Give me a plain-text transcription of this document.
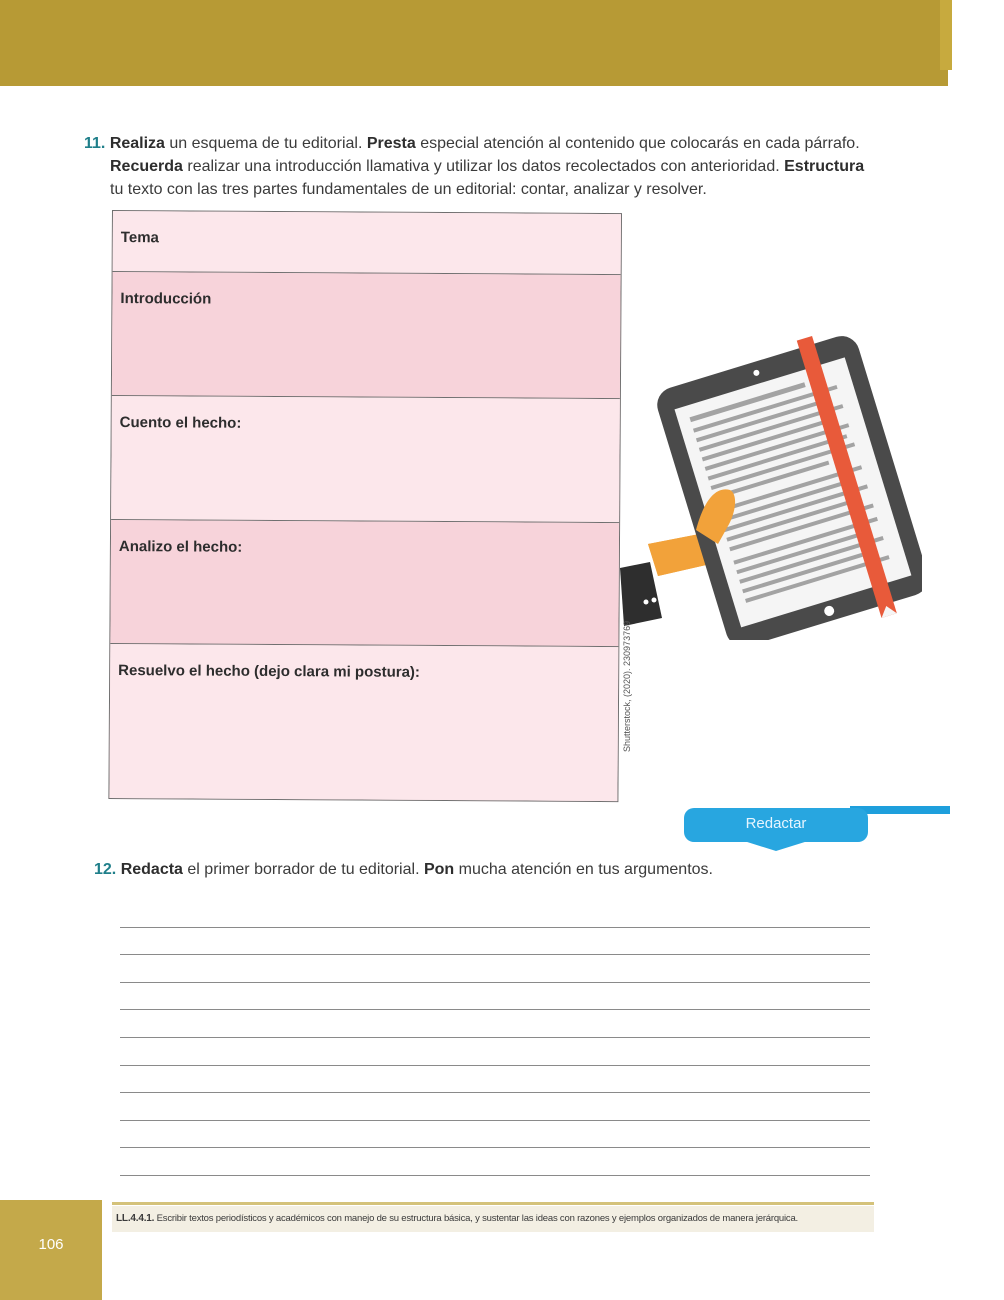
11. Realiza un esquema de tu editorial. Presta especial atención al contenido que colocarás en cada párrafo.
Recuerda realizar una introducción llamativa y utilizar los datos recolectados con anterioridad. Estructura
tu texto con las tres partes fundamentales de un editorial: contar, analizar y resolver.
Tema
Introducción
Cuento el hecho:
Analizo el hecho:
Resuelvo el hecho (dejo clara mi postura):	Shutterstock, (2020). 230973769
Redactar
12. Redacta el primer borrador de tu editorial. Pon mucha atención en tus argumentos.
LL.4.4.1. Escribir textos periodísticos y académicos con manejo de su estructura básica, y sustentar las ideas con razones y ejemplos organizados de manera jerárquica.
106
